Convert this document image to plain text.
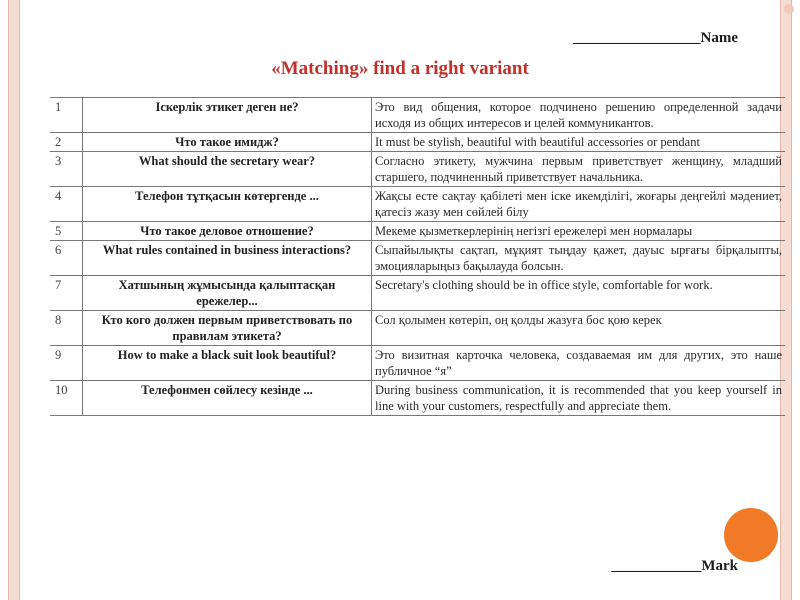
_________________Name
«Matching» find a right variant
1	Іскерлік этикет деген не?	Это вид общения, которое подчинено решению определенной задачи исходя из общих интересов и целей коммуникантов.
2	Что такое имидж?	It must be stylish, beautiful with beautiful accessories or pendant
3	What should the secretary wear?	Согласно этикету, мужчина первым приветствует женщину, младший старшего, подчиненный приветствует начальника.
4	Телефон тұтқасын көтергенде ...	Жақсы есте сақтау қабілеті мен іске икемділігі, жоғары деңгейлі мәдениет, қатесіз жазу мен сөйлей білу
5	Что такое деловое отношение?	Мекеме қызметкерлерінің негізгі ережелері мен нормалары
6	What rules contained in business interactions?	Сыпайылықты сақтап, мұқият тыңдау қажет, дауыс ырғағы бірқалыпты, эмоцияларыңыз бақылауда болсын.
7	Хатшының жұмысында қалыптасқан ережелер...	Secretary's clothing should be in office style, comfortable for work.
8	Кто кого должен первым приветствовать по правилам этикета?	Сол қолымен көтеріп, оң қолды жазуға бос қою керек
9	How to make a black suit look beautiful?	Это визитная карточка человека, создаваемая им для других, это наше публичное “я”
10	Телефонмен сөйлесу кезінде ...	During business communication, it is recommended that you keep yourself in line with your customers, respectfully and appreciate them.
____________Mark
